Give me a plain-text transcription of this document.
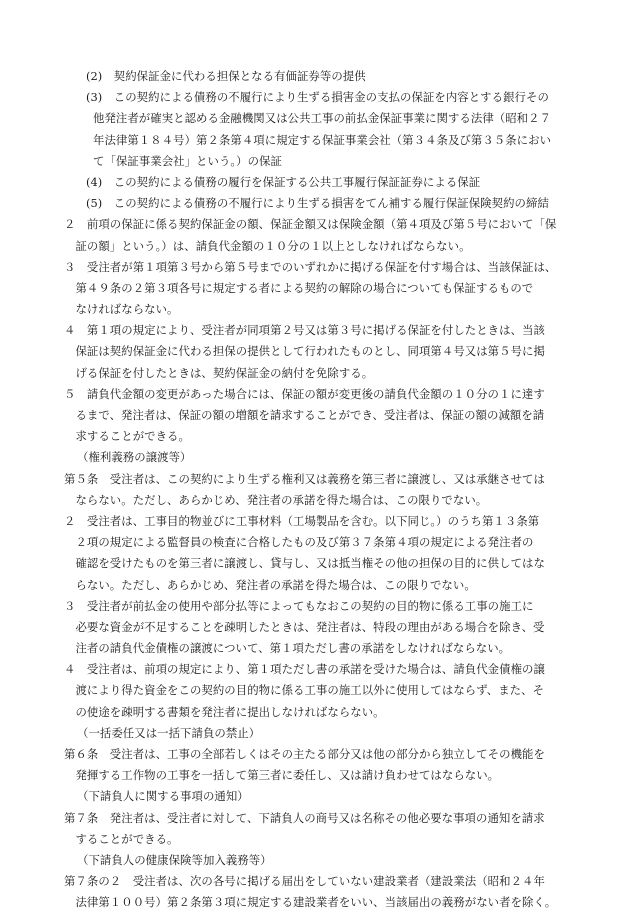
(2)　契約保証金に代わる担保となる有価証券等の提供
(3)　この契約による債務の不履行により生ずる損害金の支払の保証を内容とする銀行その
他発注者が確実と認める金融機関又は公共工事の前払金保証事業に関する法律（昭和２７
年法律第１８４号）第２条第４項に規定する保証事業会社（第３４条及び第３５条におい
て「保証事業会社」という。）の保証
(4)　この契約による債務の履行を保証する公共工事履行保証証券による保証
(5)　この契約による債務の不履行により生ずる損害をてん補する履行保証保険契約の締結
２　前項の保証に係る契約保証金の額、保証金額又は保険金額（第４項及び第５号において「保
　証の額」という。）は、請負代金額の１０分の１以上としなければならない。
３　受注者が第１項第３号から第５号までのいずれかに掲げる保証を付す場合は、当該保証は、
　第４９条の２第３項各号に規定する者による契約の解除の場合についても保証するもので
　なければならない。
４　第１項の規定により、受注者が同項第２号又は第３号に掲げる保証を付したときは、当該
　保証は契約保証金に代わる担保の提供として行われたものとし、同項第４号又は第５号に掲
　げる保証を付したときは、契約保証金の納付を免除する。
５　請負代金額の変更があった場合には、保証の額が変更後の請負代金額の１０分の１に達す
　るまで、発注者は、保証の額の増額を請求することができ、受注者は、保証の額の減額を請
　求することができる。
（権利義務の譲渡等）
第５条　受注者は、この契約により生ずる権利又は義務を第三者に譲渡し、又は承継させては
　ならない。ただし、あらかじめ、発注者の承諾を得た場合は、この限りでない。
２　受注者は、工事目的物並びに工事材料（工場製品を含む。以下同じ。）のうち第１３条第
　２項の規定による監督員の検査に合格したもの及び第３７条第４項の規定による発注者の
　確認を受けたものを第三者に譲渡し、貸与し、又は抵当権その他の担保の目的に供してはな
　らない。ただし、あらかじめ、発注者の承諾を得た場合は、この限りでない。
３　受注者が前払金の使用や部分払等によってもなおこの契約の目的物に係る工事の施工に
　必要な資金が不足することを疎明したときは、発注者は、特段の理由がある場合を除き、受
　注者の請負代金債権の譲渡について、第１項ただし書の承諾をしなければならない。
４　受注者は、前項の規定により、第１項ただし書の承諾を受けた場合は、請負代金債権の譲
　渡により得た資金をこの契約の目的物に係る工事の施工以外に使用してはならず、また、そ
　の使途を疎明する書類を発注者に提出しなければならない。
（一括委任又は一括下請負の禁止）
第６条　受注者は、工事の全部若しくはその主たる部分又は他の部分から独立してその機能を
　発揮する工作物の工事を一括して第三者に委任し、又は請け負わせてはならない。
（下請負人に関する事項の通知）
第７条　発注者は、受注者に対して、下請負人の商号又は名称その他必要な事項の通知を請求
　することができる。
（下請負人の健康保険等加入義務等）
第７条の２　受注者は、次の各号に掲げる届出をしていない建設業者（建設業法（昭和２４年
　法律第１００号）第２条第３項に規定する建設業者をいい、当該届出の義務がない者を除く。
